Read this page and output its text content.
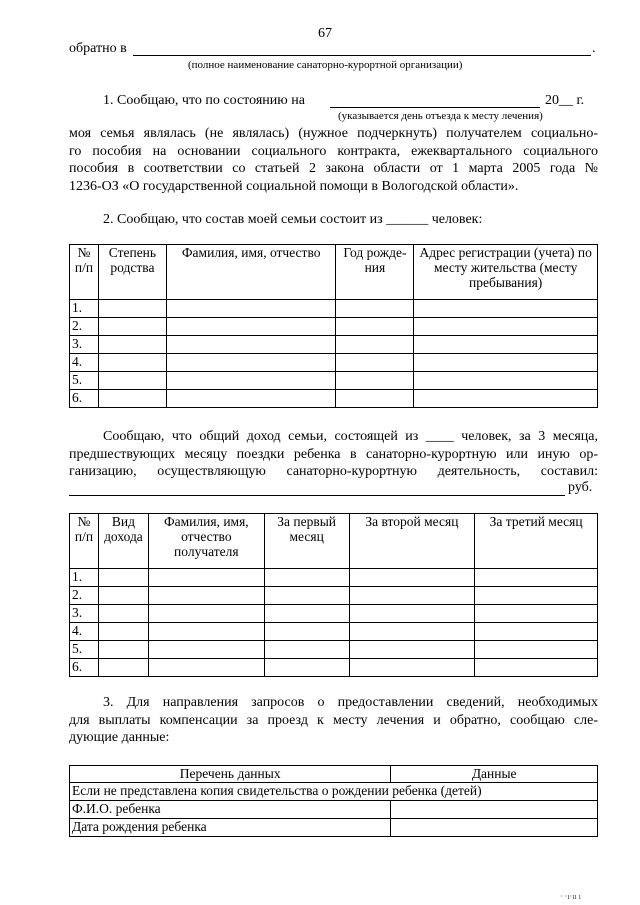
67
обратно в	.
(полное наименование санаторно-курортной организации)
1. Сообщаю, что по состоянию на	20__ г.
(указывается день отъезда к месту лечения)
моя семья являлась (не являлась) (нужное подчеркнуть) получателем социально-
го пособия на основании социального контракта, ежеквартального социального
пособия в соответствии со статьей 2 закона области от 1 марта 2005 года №
1236-ОЗ «О государственной социальной помощи в Вологодской области».
2. Сообщаю, что состав моей семьи состоит из ______ человек:
№ п/п	Степень родства	Фамилия, имя, отчество	Год рожде-ния	Адрес регистрации (учета) по месту жительства (месту пребывания)
1.				
2.				
3.				
4.				
5.				
6.				
Сообщаю, что общий доход семьи, состоящей из ____ человек, за 3 месяца,
предшествующих месяцу поездки ребенка в санаторно-курортную или иную ор-
ганизацию, осуществляющую санаторно-курортную деятельность, составил:
руб.
№ п/п	Вид дохода	Фамилия, имя, отчество получателя	За первый месяц	За второй месяц	За третий месяц
1.					
2.					
3.					
4.					
5.					
6.					
3. Для направления запросов о предоставлении сведений, необходимых
для выплаты компенсации за проезд к месту лечения и обратно, сообщаю сле-
дующие данные:
Перечень данных	Данные
Если не представлена копия свидетельства о рождении ребенка (детей)	
Ф.И.О. ребенка	
Дата рождения ребенка	
· ·ı·ıı ı
